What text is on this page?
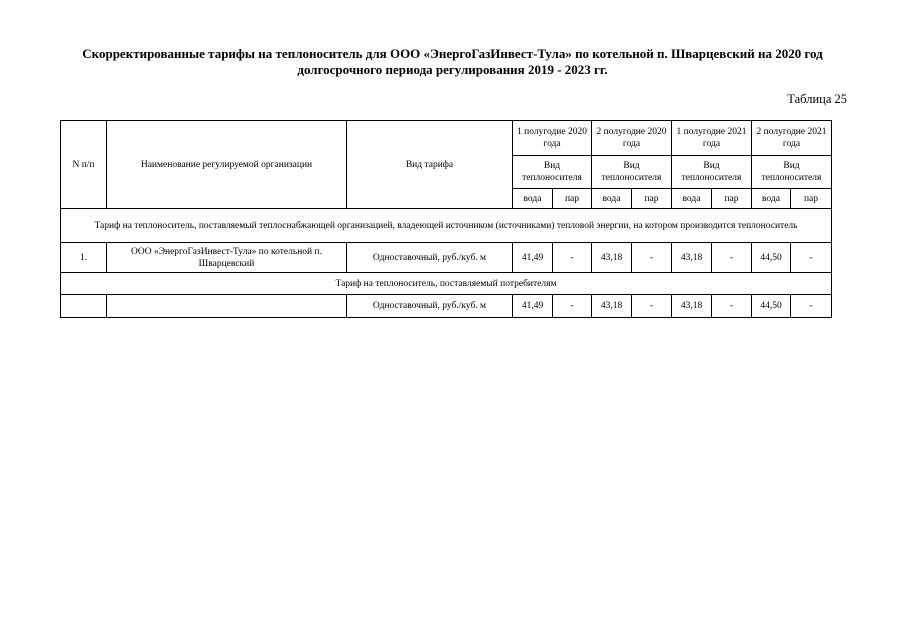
Скорректированные тарифы на теплоноситель для ООО «ЭнергоГазИнвест-Тула» по котельной п. Шварцевский на 2020 год
долгосрочного периода регулирования 2019 - 2023 гг.
Таблица 25
N п/п	Наименование регулируемой организации	Вид тарифа	1 полугодие 2020 года		2 полугодие 2020 года		1 полугодие 2021 года		2 полугодие 2021 года	
			Вид теплоносителя		Вид теплоносителя		Вид теплоносителя		Вид теплоносителя	
			вода	пар	вода	пар	вода	пар	вода	пар
Тариф на теплоноситель, поставляемый теплоснабжающей организацией, владеющей источником (источниками) тепловой энергии, на котором производится теплоноситель										
1.	ООО «ЭнергоГазИнвест-Тула» по котельной п. Шварцевский	Одноставочный, руб./куб. м	41,49	-	43,18	-	43,18	-	44,50	-
Тариф на теплоноситель, поставляемый потребителям										
		Одноставочный, руб./куб. м	41,49	-	43,18	-	43,18	-	44,50	-
